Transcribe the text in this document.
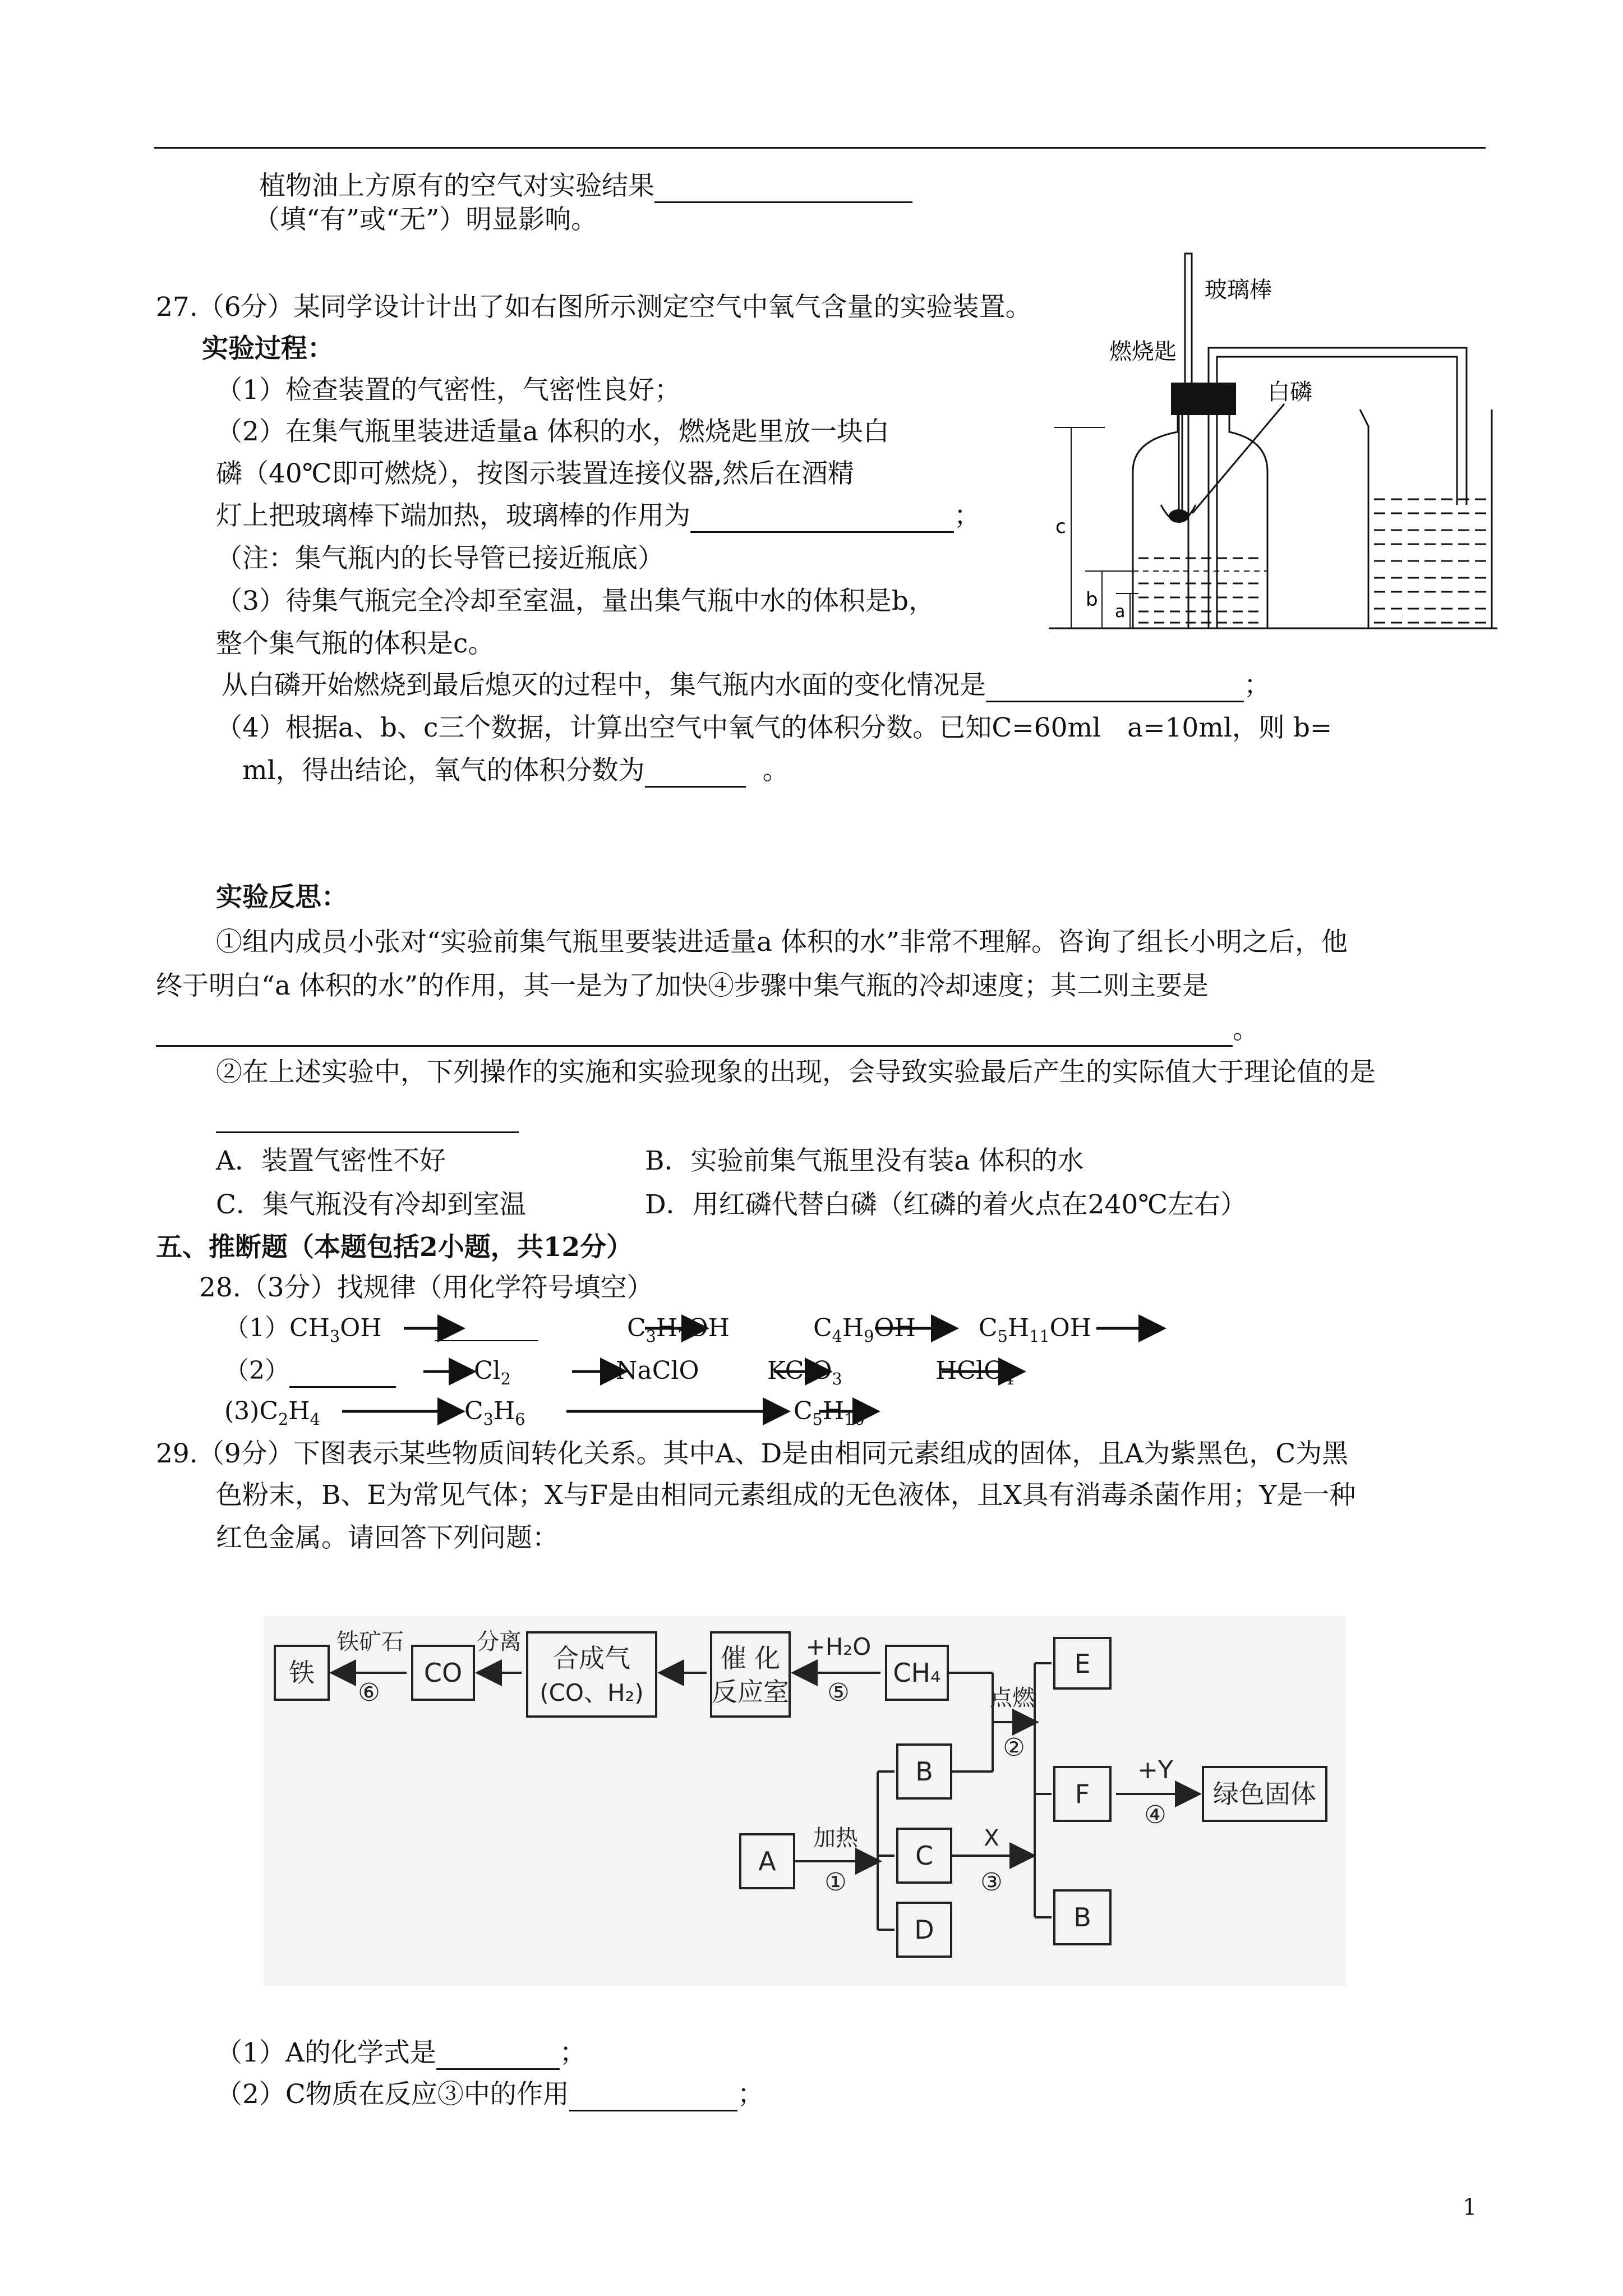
植物油上方原有的空气对实验结果
（填“有”或“无”）明显影响。
27.（6分）某同学设计计出了如右图所示测定空气中氧气含量的实验装置。
实验过程：
（1）检查装置的气密性，气密性良好；
（2）在集气瓶里装进适量a 体积的水，燃烧匙里放一块白
磷（40℃即可燃烧），按图示装置连接仪器,然后在酒精
灯上把玻璃棒下端加热，玻璃棒的作用为	；
（注：集气瓶内的长导管已接近瓶底）
（3）待集气瓶完全冷却至室温，量出集气瓶中水的体积是b，
整个集气瓶的体积是c。
从白磷开始燃烧到最后熄灭的过程中，集气瓶内水面的变化情况是	；
（4）根据a、b、c三个数据，计算出空气中氧气的体积分数。已知C=60ml　a=10ml，则 b=
ml，得出结论，氧气的体积分数为	。
玻璃棒
燃烧匙
白磷
c
b
a
实验反思：
①组内成员小张对“实验前集气瓶里要装进适量a 体积的水”非常不理解。咨询了组长小明之后，他
终于明白“a 体积的水”的作用，其一是为了加快④步骤中集气瓶的冷却速度；其二则主要是
。
②在上述实验中，下列操作的实施和实验现象的出现，会导致实验最后产生的实际值大于理论值的是
A．装置气密性不好	B．实验前集气瓶里没有装a 体积的水
C．集气瓶没有冷却到室温	D．用红磷代替白磷（红磷的着火点在240℃左右）
五、推断题（本题包括2小题，共12分）
28.（3分）找规律（用化学符号填空）
$(1)CH_3OH$	$C_3H_7OH$	$C_4H_9OH$	$C_5H_{11}OH$
（2）	$Cl_2$	NaClO	KClO$_3$	HClO$_4$
$(3)C_2H_4$	$C_3H_6$	$C_5H_{10}$
29.（9分）下图表示某些物质间转化关系。其中A、D是由相同元素组成的固体，且A为紫黑色，C为黑
色粉末，B、E为常见气体；X与F是由相同元素组成的无色液体，且X具有消毒杀菌作用；Y是一种
红色金属。请回答下列问题：
铁
铁矿石
⑥
CO
分离
合成气
(CO、H₂)
催 化
反应室
+H₂O
⑤
CH₄
点燃
②
E
F
+Y
④
绿色固体
B
加热
A
①
C
X
③
D	B
（1）A的化学式是	；
（2）C物质在反应③中的作用	；
1
